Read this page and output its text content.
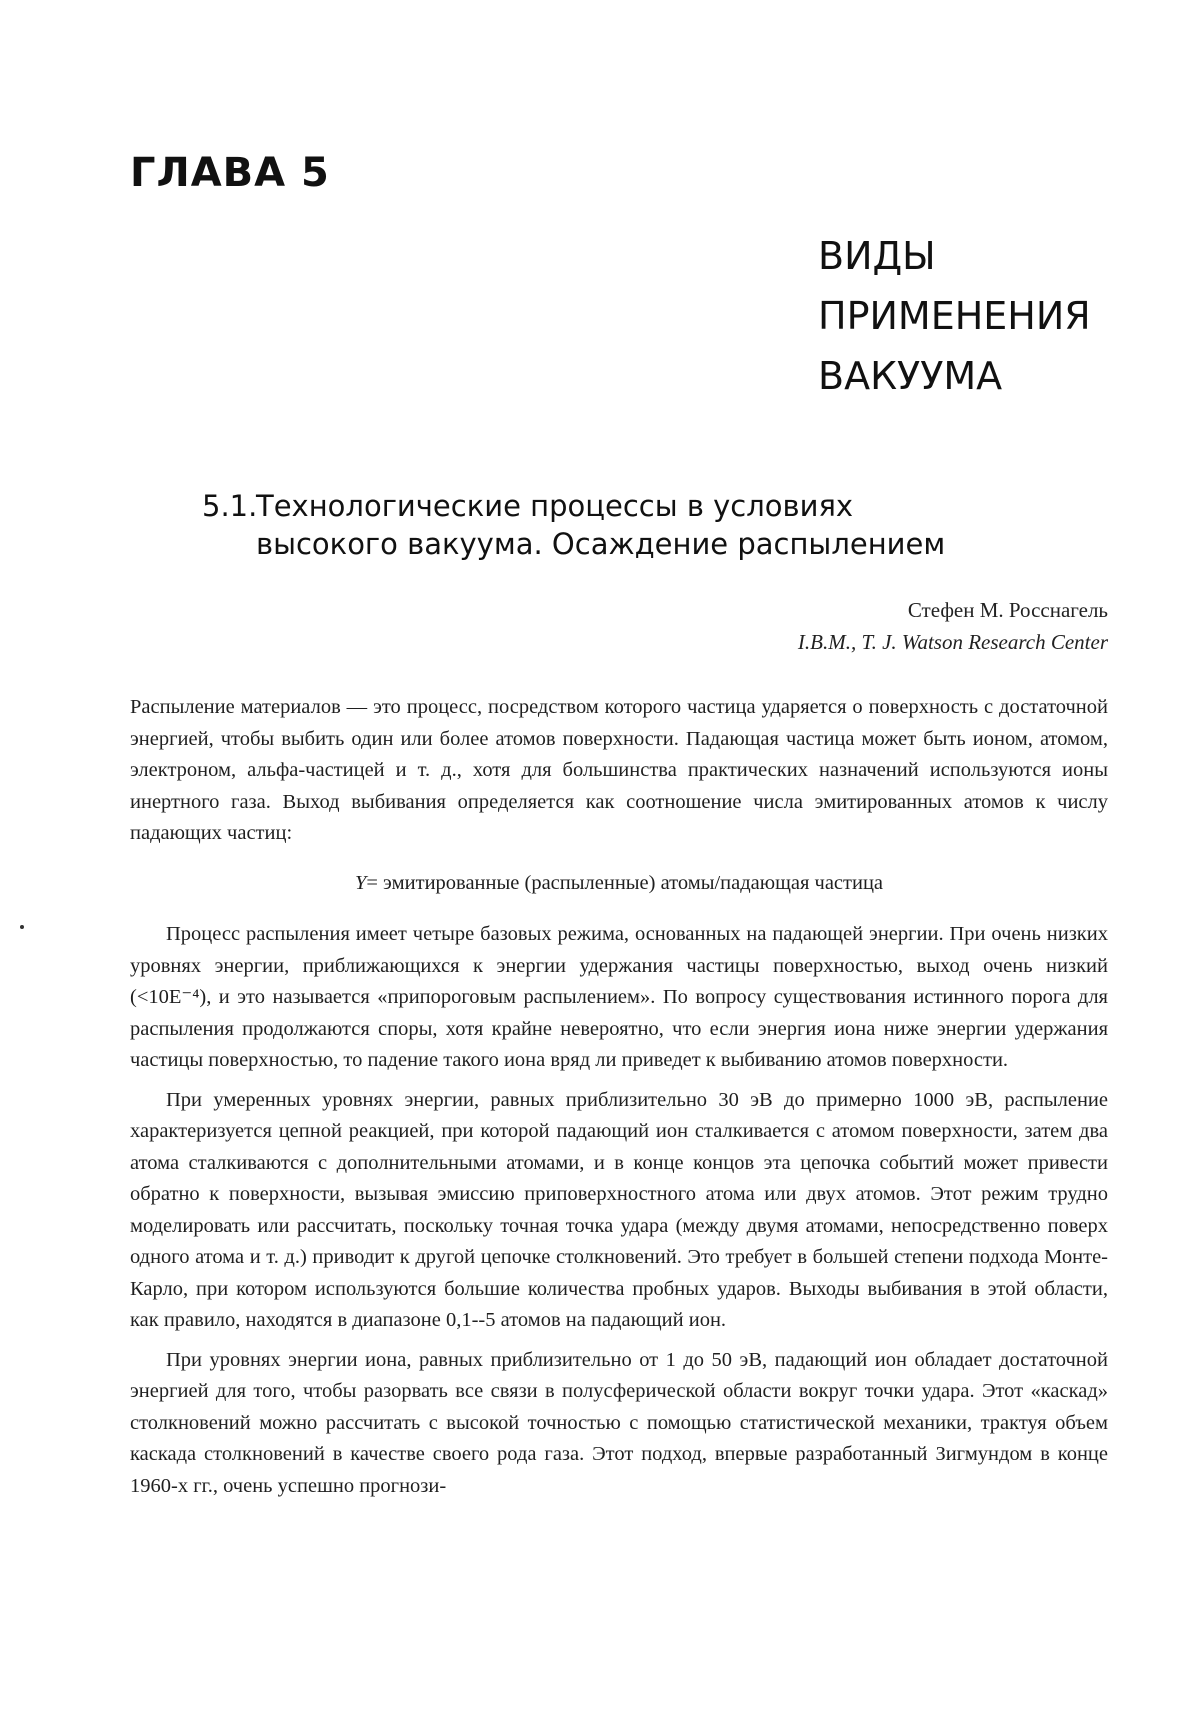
ГЛАВА 5
ВИДЫ
ПРИМЕНЕНИЯ
ВАКУУМА
5.1.
Технологические процессы в условиях
высокого вакуума. Осаждение распылением
Стефен М. Росснагель
I.B.M., T. J. Watson Research Center

Распыление материалов — это процесс, посредством которого частица ударяется о поверхность с достаточной энергией, чтобы выбить один или более атомов поверхности. Падающая частица может быть ионом, атомом, электроном, альфа-частицей и т. д., хотя для большинства практических назначений используются ионы инертного газа. Выход выбивания определяется как соотношение числа эмитированных атомов к числу падающих частиц:

Y= эмитированные (распыленные) атомы/падающая частица

Процесс распыления имеет четыре базовых режима, основанных на падающей энергии. При очень низких уровнях энергии, приближающихся к энергии удержания частицы поверхностью, выход очень низкий (<10E⁻⁴), и это называется «припороговым распылением». По вопросу существования истинного порога для распыления продолжаются споры, хотя крайне невероятно, что если энергия иона ниже энергии удержания частицы поверхностью, то падение такого иона вряд ли приведет к выбиванию атомов поверхности.

При умеренных уровнях энергии, равных приблизительно 30 эВ до примерно 1000 эВ, распыление характеризуется цепной реакцией, при которой падающий ион сталкивается с атомом поверхности, затем два атома сталкиваются с дополнительными атомами, и в конце концов эта цепочка событий может привести обратно к поверхности, вызывая эмиссию приповерхностного атома или двух атомов. Этот режим трудно моделировать или рассчитать, поскольку точная точка удара (между двумя атомами, непосредственно поверх одного атома и т. д.) приводит к другой цепочке столкновений. Это требует в большей степени подхода Монте-Карло, при котором используются большие количества пробных ударов. Выходы выбивания в этой области, как правило, находятся в диапазоне 0,1--5 атомов на падающий ион.

При уровнях энергии иона, равных приблизительно от 1 до 50 эВ, падающий ион обладает достаточной энергией для того, чтобы разорвать все связи в полусферической области вокруг точки удара. Этот «каскад» столкновений можно рассчитать с высокой точностью с помощью статистической механики, трактуя объем каскада столкновений в качестве своего рода газа. Этот подход, впервые разработанный Зигмундом в конце 1960-х гг., очень успешно прогнози-
